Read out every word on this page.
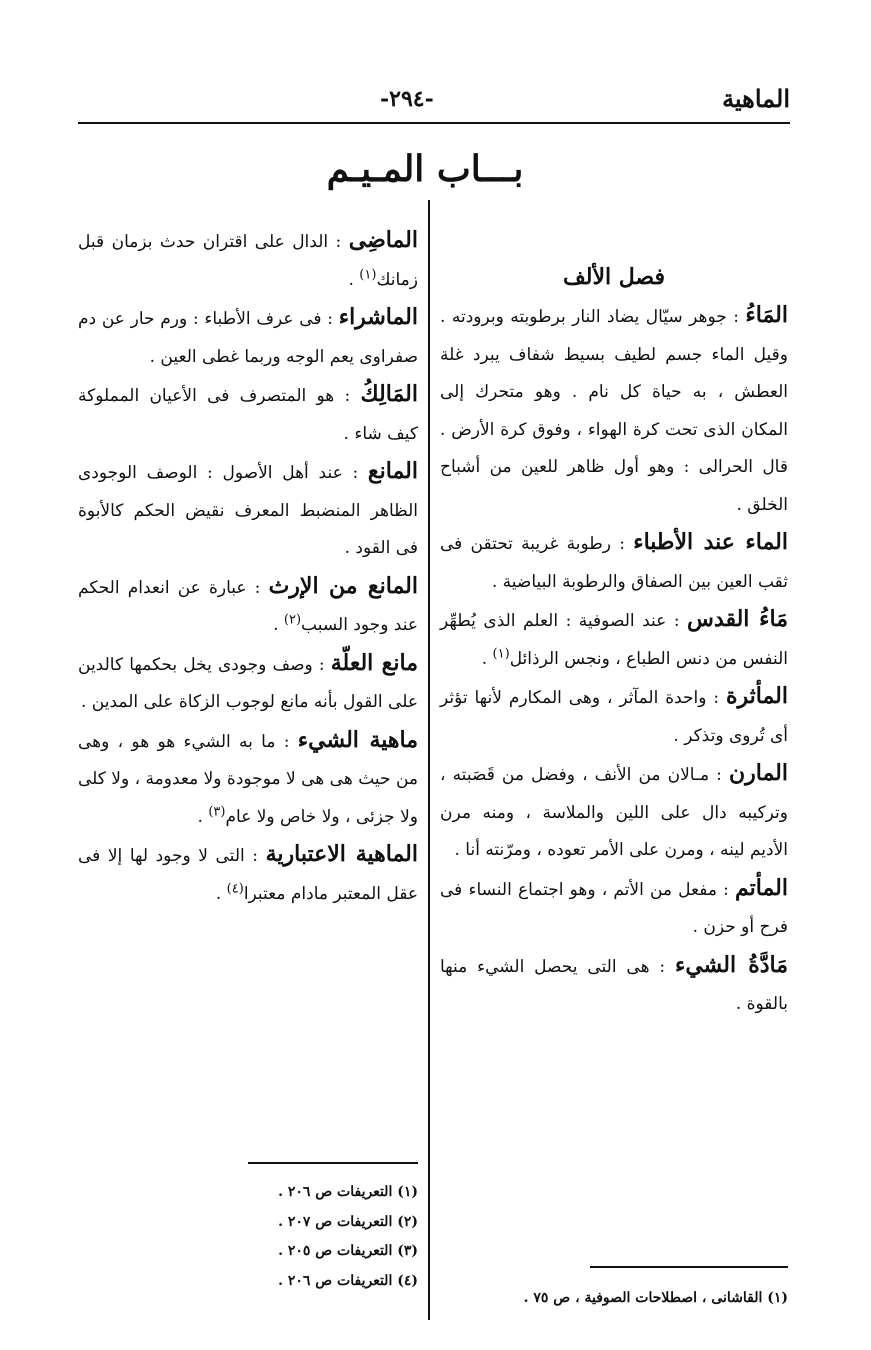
الماهية
-٢٩٤-
بـــاب المـيـم
فصل الألف

المَاءُ : جوهر سيّال يضاد النار برطوبته وبرودته . وقيل الماء جسم لطيف بسيط شفاف يبرد غلة العطش ، به حياة كل نام . وهو متحرك إلى المكان الذى تحت كرة الهواء ، وفوق كرة الأرض . قال الحرالى : وهو أول ظاهر للعين من أشباح الخلق .

الماء عند الأطباء : رطوبة غريبة تحتقن فى ثقب العين بين الصفاق والرطوبة البياضية .

مَاءُ القدس : عند الصوفية : العلم الذى يُطهِّر النفس من دنس الطباع ، ونجس الرذائل$^{(١)}$ .

المأثرة : واحدة المآثر ، وهى المكارم لأنها تؤثر أى تُروى وتذكر .

المارن : مـالان من الأنف ، وفضل من قَصَبته ، وتركيبه دال على اللين والملاسة ، ومنه مرن الأديم لينه ، ومرن على الأمر تعوده ، ومرّنته أنا .

المأتم : مفعل من الأتم ، وهو اجتماع النساء فى فرح أو حزن .

مَادَّةُ الشيء : هى التى يحصل الشيء منها بالقوة .

الماضِى : الدال على اقتران حدث بزمان قبل زمانك$^{(١)}$ .

الماشراء : فى عرف الأطباء : ورم حار عن دم صفراوى يعم الوجه وربما غطى العين .

المَالِكُ : هو المتصرف فى الأعيان المملوكة كيف شاء .

المانع : عند أهل الأصول : الوصف الوجودى الظاهر المنضبط المعرف نقيض الحكم كالأبوة فى القود .

المانع من الإرث : عبارة عن انعدام الحكم عند وجود السبب$^{(٢)}$ .

مانع العلّة : وصف وجودى يخل بحكمها كالدين على القول بأنه مانع لوجوب الزكاة على المدين .

ماهية الشيء : ما به الشيء هو هو ، وهى من حيث هى هى لا موجودة ولا معدومة ، ولا كلى ولا جزئى ، ولا خاص ولا عام$^{(٣)}$ .

الماهية الاعتبارية : التى لا وجود لها إلا فى عقل المعتبر مادام معتبرا$^{(٤)}$ .

(١) القاشانى ، اصطلاحات الصوفية ، ص ٧٥ .
(١) التعريفات ص ٢٠٦ .
(٢) التعريفات ص ٢٠٧ .
(٣) التعريفات ص ٢٠٥ .
(٤) التعريفات ص ٢٠٦ .
